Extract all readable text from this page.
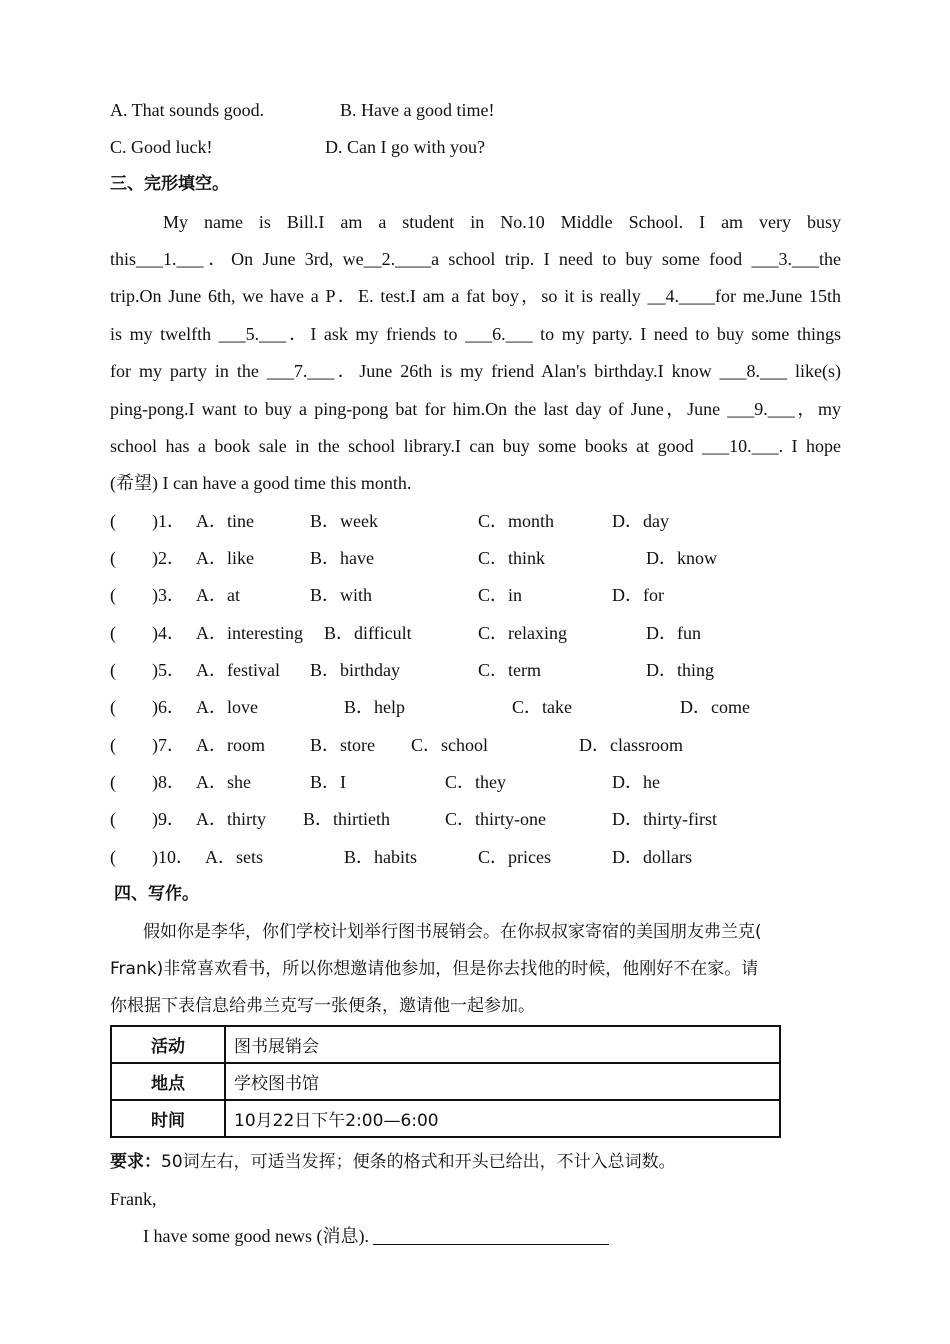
A. That sounds good.	B. Have a good time!
C. Good luck!	D. Can I go with you?
三、完形填空。
My name is Bill.I am a student in No.10 Middle School. I am very busy
this___1.___．On June 3rd, we__2.____a school trip. I need to buy some food ___3.___the
trip.On June 6th, we have a P．E. test.I am a fat boy，so it is really __4.____for me.June 15th
is my twelfth ___5.___．I ask my friends to ___6.___ to my party. I need to buy some things
for my party in the ___7.___．June 26th is my friend Alan's birthday.I know ___8.___ like(s)
ping-pong.I want to buy a ping-pong bat for him.On the last day of June，June ___9.___，my
school has a book sale in the school library.I can buy some books at good ___10.___. I hope
(希望) I can have a good time this month.
(　　)1． A．tine	B．week	C．month	D．day
(　　)2． A．like	B．have	C．think	D．know
(　　)3． A．at	B．with	C．in	D．for
(　　)4． A．interesting B．difficult	C．relaxing	D．fun
(　　)5． A．festival B．birthday	C．term	D．thing
(　　)6． A．love	B．help	C．take	D．come
(　　)7． A．room	B．store C．school	D．classroom
(　　)8． A．she	B．I	C．they	D．he
(　　)9． A．thirty B．thirtieth	C．thirty-one	D．thirty-first
(　　)10． A．sets	B．habits	C．prices	D．dollars
四、写作。
假如你是李华，你们学校计划举行图书展销会。在你叔叔家寄宿的美国朋友弗兰克(
Frank)非常喜欢看书，所以你想邀请他参加，但是你去找他的时候，他刚好不在家。请
你根据下表信息给弗兰克写一张便条，邀请他一起参加。
活动	图书展销会
地点	学校图书馆
时间	10月22日下午2:00—6:00
要求：50词左右，可适当发挥；便条的格式和开头已给出，不计入总词数。
Frank,
I have some good news (消息).
